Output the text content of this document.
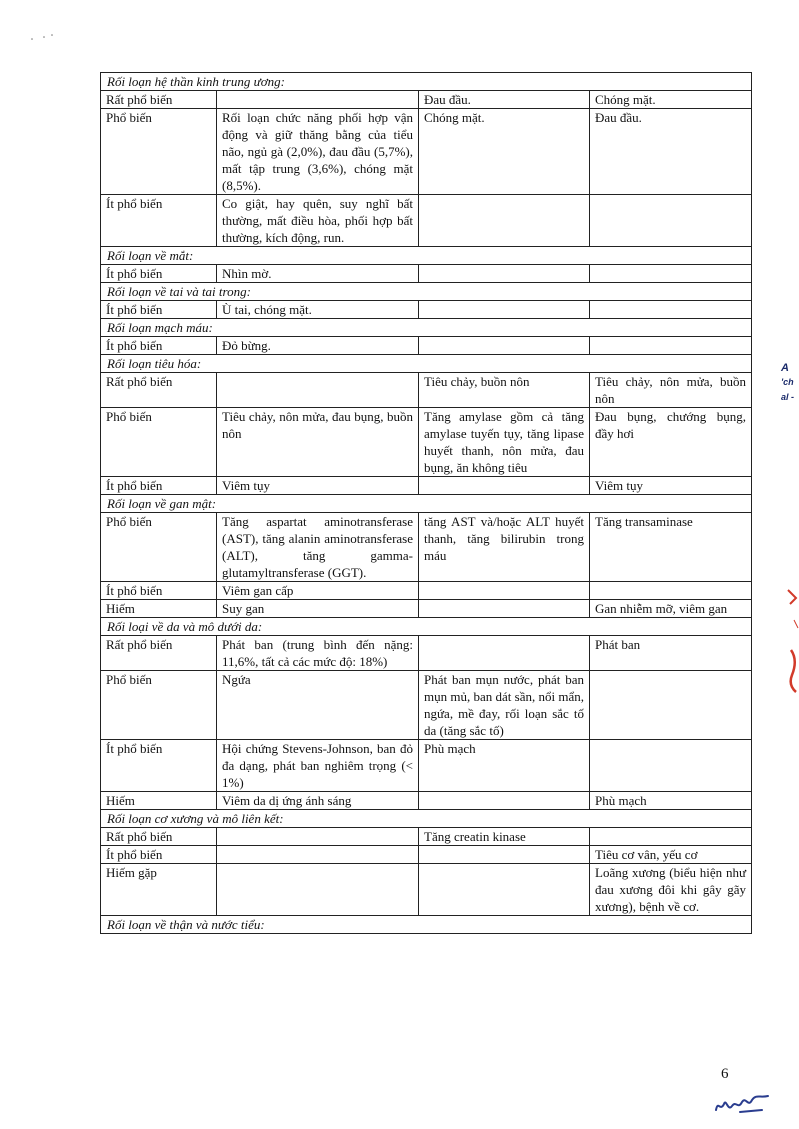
Rối loạn hệ thần kinh trung ương:			
Rất phổ biến		Đau đầu.	Chóng mặt.
Phổ biến	Rối loạn chức năng phối hợp vận động và giữ thăng bằng của tiểu não, ngủ gà (2,0%), đau đầu (5,7%), mất tập trung (3,6%), chóng mặt (8,5%).	Chóng mặt.	Đau đầu.
Ít phổ biến	Co giật, hay quên, suy nghĩ bất thường, mất điều hòa, phối hợp bất thường, kích động, run.		
Rối loạn về mắt:			
Ít phổ biến	Nhìn mờ.		
Rối loạn về tai và tai trong:			
Ít phổ biến	Ù tai, chóng mặt.		
Rối loạn mạch máu:			
Ít phổ biến	Đỏ bừng.		
Rối loạn tiêu hóa:			
Rất phổ biến		Tiêu chảy, buồn nôn	Tiêu chảy, nôn mửa, buồn nôn
Phổ biến	Tiêu chảy, nôn mửa, đau bụng, buồn nôn	Tăng amylase gồm cả tăng amylase tuyến tụy, tăng lipase huyết thanh, nôn mửa, đau bụng, ăn không tiêu	Đau bụng, chướng bụng, đầy hơi
Ít phổ biến	Viêm tụy		Viêm tụy
Rối loạn về gan mật:			
Phổ biến	Tăng aspartat aminotransferase (AST), tăng alanin aminotransferase (ALT), tăng gamma-glutamyltransferase (GGT).	tăng AST và/hoặc ALT huyết thanh, tăng bilirubin trong máu	Tăng transaminase
Ít phổ biến	Viêm gan cấp		
Hiếm	Suy gan		Gan nhiễm mỡ, viêm gan
Rối loại về da và mô dưới da:			
Rất phổ biến	Phát ban (trung bình đến nặng: 11,6%, tất cả các mức độ: 18%)		Phát ban
Phổ biến	Ngứa	Phát ban mụn nước, phát ban mụn mủ, ban dát sần, nổi mẩn, ngứa, mề đay, rối loạn sắc tố da (tăng sắc tố)	
Ít phổ biến	Hội chứng Stevens-Johnson, ban đỏ đa dạng, phát ban nghiêm trọng (< 1%)	Phù mạch	
Hiếm	Viêm da dị ứng ánh sáng		Phù mạch
Rối loạn cơ xương và mô liên kết:			
Rất phổ biến		Tăng creatin kinase	
Ít phổ biến			Tiêu cơ vân, yếu cơ
Hiếm gặp			Loãng xương (biểu hiện như đau xương đôi khi gây gãy xương), bệnh về cơ.
Rối loạn về thận và nước tiểu:			
A
'ch
al -
6
